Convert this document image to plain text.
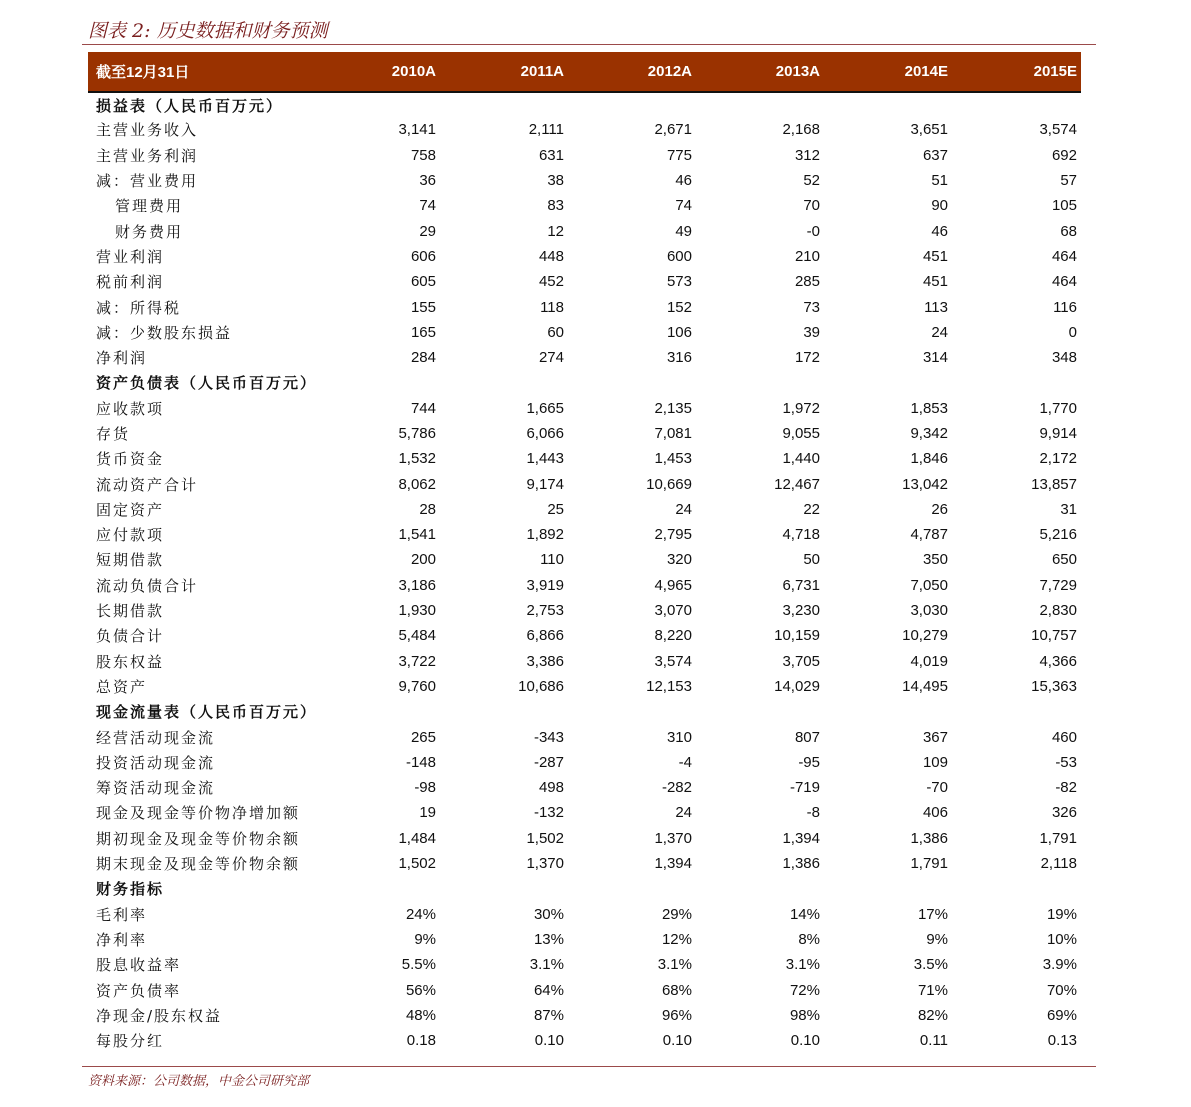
图表 2: 历史数据和财务预测
截至12月31日	2010A	2011A	2012A	2013A	2014E	2015E
损益表（人民币百万元）						
主营业务收入	3,141	2,111	2,671	2,168	3,651	3,574
主营业务利润	758	631	775	312	637	692
减：营业费用	36	38	46	52	51	57
管理费用	74	83	74	70	90	105
财务费用	29	12	49	-0	46	68
营业利润	606	448	600	210	451	464
税前利润	605	452	573	285	451	464
减：所得税	155	118	152	73	113	116
减：少数股东损益	165	60	106	39	24	0
净利润	284	274	316	172	314	348
资产负债表（人民币百万元）						
应收款项	744	1,665	2,135	1,972	1,853	1,770
存货	5,786	6,066	7,081	9,055	9,342	9,914
货币资金	1,532	1,443	1,453	1,440	1,846	2,172
流动资产合计	8,062	9,174	10,669	12,467	13,042	13,857
固定资产	28	25	24	22	26	31
应付款项	1,541	1,892	2,795	4,718	4,787	5,216
短期借款	200	110	320	50	350	650
流动负债合计	3,186	3,919	4,965	6,731	7,050	7,729
长期借款	1,930	2,753	3,070	3,230	3,030	2,830
负债合计	5,484	6,866	8,220	10,159	10,279	10,757
股东权益	3,722	3,386	3,574	3,705	4,019	4,366
总资产	9,760	10,686	12,153	14,029	14,495	15,363
现金流量表（人民币百万元）						
经营活动现金流	265	-343	310	807	367	460
投资活动现金流	-148	-287	-4	-95	109	-53
筹资活动现金流	-98	498	-282	-719	-70	-82
现金及现金等价物净增加额	19	-132	24	-8	406	326
期初现金及现金等价物余额	1,484	1,502	1,370	1,394	1,386	1,791
期末现金及现金等价物余额	1,502	1,370	1,394	1,386	1,791	2,118
财务指标						
毛利率	24%	30%	29%	14%	17%	19%
净利率	9%	13%	12%	8%	9%	10%
股息收益率	5.5%	3.1%	3.1%	3.1%	3.5%	3.9%
资产负债率	56%	64%	68%	72%	71%	70%
净现金/股东权益	48%	87%	96%	98%	82%	69%
每股分红	0.18	0.10	0.10	0.10	0.11	0.13
资料来源：公司数据，中金公司研究部
